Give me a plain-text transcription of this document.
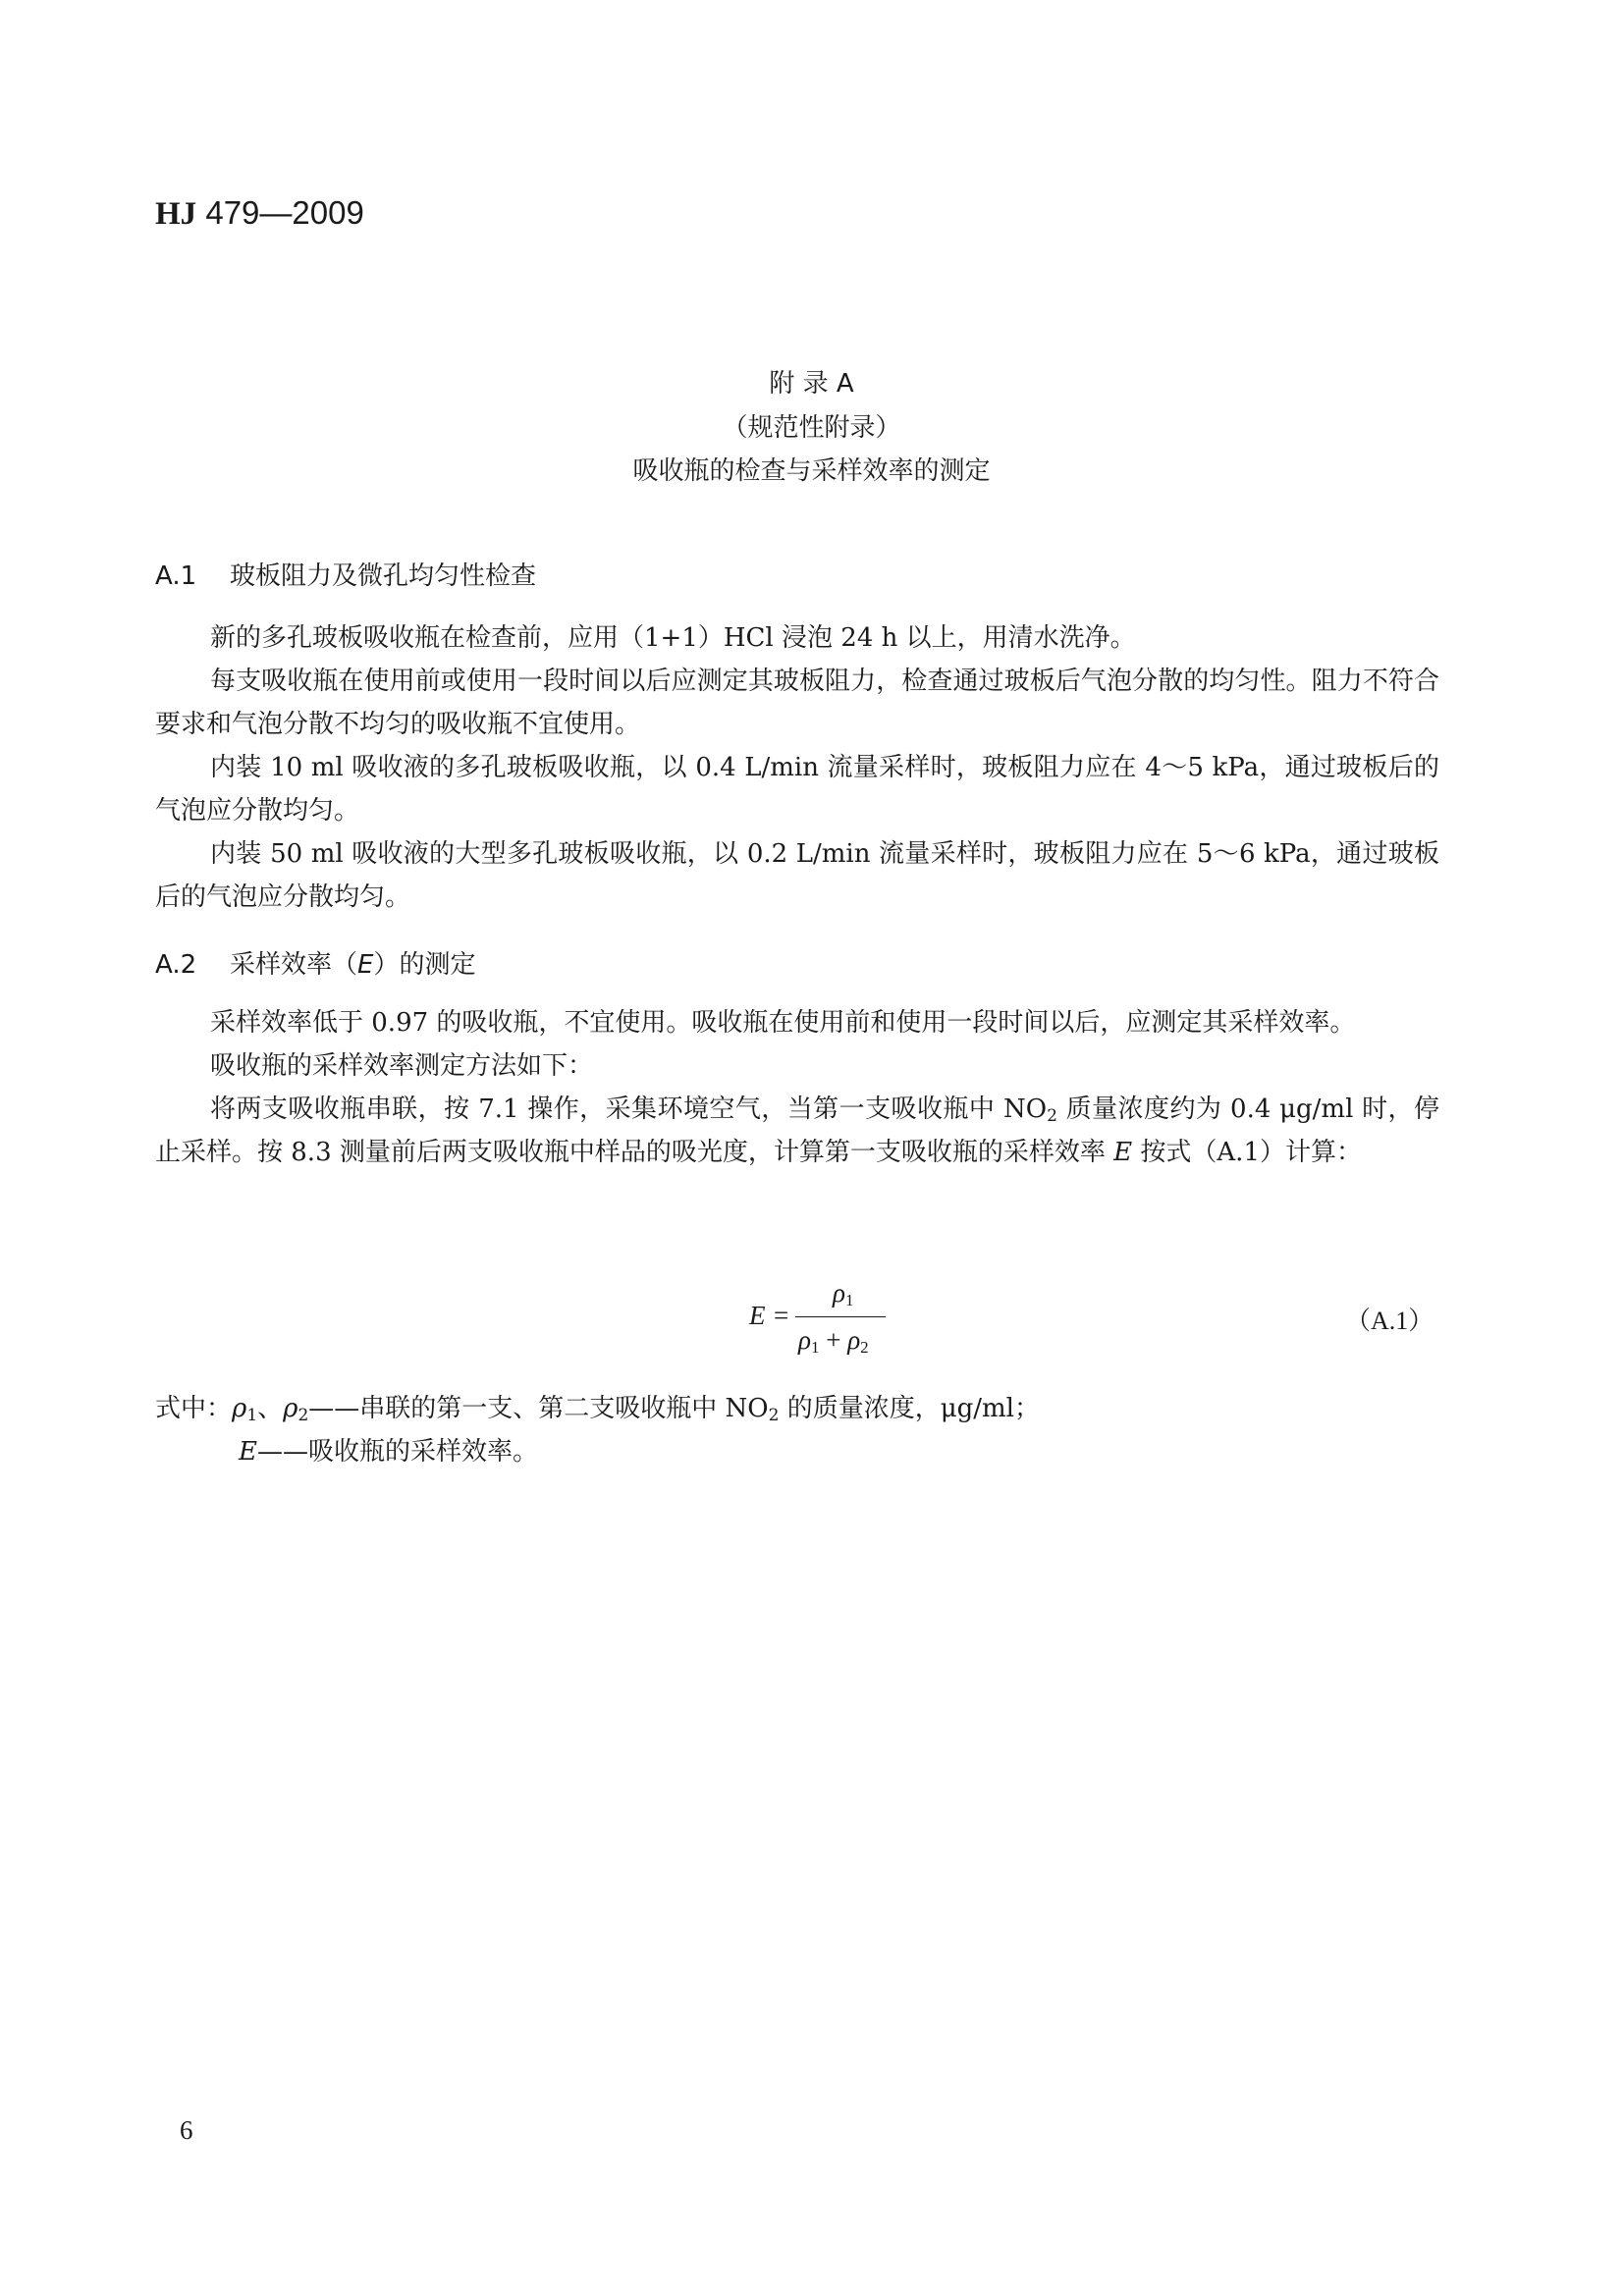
HJ 479—2009
附 录 A
（规范性附录）
吸收瓶的检查与采样效率的测定
A.1 玻板阻力及微孔均匀性检查

新的多孔玻板吸收瓶在检查前，应用（1+1）HCl 浸泡 24 h 以上，用清水洗净。

每支吸收瓶在使用前或使用一段时间以后应测定其玻板阻力，检查通过玻板后气泡分散的均匀性。阻力不符合要求和气泡分散不均匀的吸收瓶不宜使用。

内装 10 ml 吸收液的多孔玻板吸收瓶，以 0.4 L/min 流量采样时，玻板阻力应在 4～5 kPa，通过玻板后的气泡应分散均匀。

内装 50 ml 吸收液的大型多孔玻板吸收瓶，以 0.2 L/min 流量采样时，玻板阻力应在 5～6 kPa，通过玻板后的气泡应分散均匀。

A.2 采样效率（E）的测定

采样效率低于 0.97 的吸收瓶，不宜使用。吸收瓶在使用前和使用一段时间以后，应测定其采样效率。

吸收瓶的采样效率测定方法如下：

将两支吸收瓶串联，按 7.1 操作，采集环境空气，当第一支吸收瓶中 $NO_2$ 质量浓度约为 0.4 μg/ml 时，停止采样。按 8.3 测量前后两支吸收瓶中样品的吸光度，计算第一支吸收瓶的采样效率 E 按式（A.1）计算：

E =
$\rho_1$
$\rho_1 + \rho_2$
（A.1）
式中：$\rho_1$、$\rho_2——$串联的第一支、第二支吸收瓶中 $NO_2$ 的质量浓度，μg/ml；
E——吸收瓶的采样效率。
6
